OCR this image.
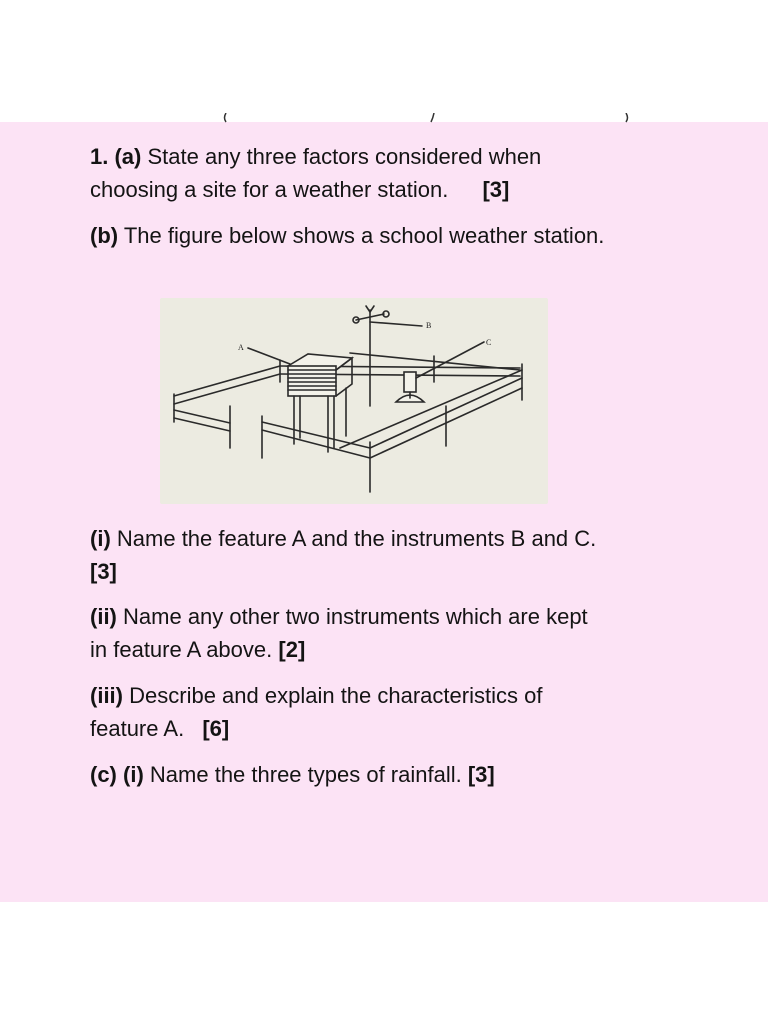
1. (a) State any three factors considered when
choosing a site for a weather station. [3]
(b) The figure below shows a school weather station.
A
B
C
(i) Name the feature A and the instruments B and C.
[3]
(ii) Name any other two instruments which are kept
in feature A above. [2]
(iii) Describe and explain the characteristics of
feature A. [6]
(c) (i) Name the three types of rainfall. [3]
